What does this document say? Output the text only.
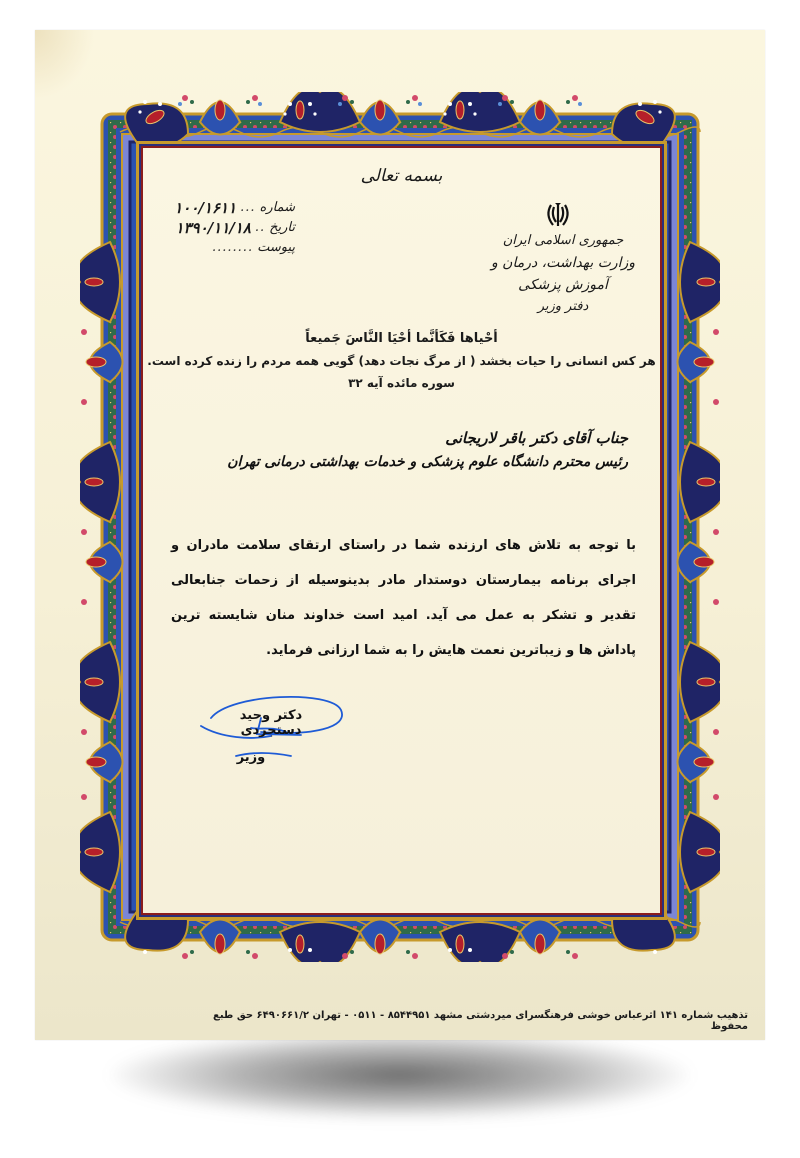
بسمه تعالی
شماره
...
۱۰۰/۱۶۱۱
تاریخ
..
۱۳۹۰/۱۱/۱۸
پیوست
........	جمهوری اسلامی ایران
وزارت بهداشت، درمان و آموزش پزشکی
دفتر وزیر
أحْياها فَكَأنَّما أحْيَا النَّاسَ جَميعاً
هر کس انسانی را حیات بخشد ( از مرگ نجات دهد) گویی همه مردم را زنده کرده است.
سوره مائده آیه ۳۲
جناب آقای دکتر باقر لاریجانی
رئیس محترم دانشگاه علوم پزشکی و خدمات بهداشتی درمانی تهران
با توجه به تلاش های ارزنده شما در راستای ارتقای سلامت مادران و اجرای برنامه بیمارستان دوستدار مادر بدینوسیله از زحمات جنابعالی تقدیر و تشکر به عمل می آید. امید است خداوند منان شایسته ترین پاداش ها و زیباترین نعمت هایش را به شما ارزانی فرماید.
دکتر وحید دستجردی
وزیر
تذهیب شماره ۱۴۱ اثرعباس خوشی فرهنگسرای میردشتی مشهد ۸۵۴۴۹۵۱ - ۰۵۱۱ - تهران ۶۴۹۰۶۶۱/۲ حق طبع محفوظ
